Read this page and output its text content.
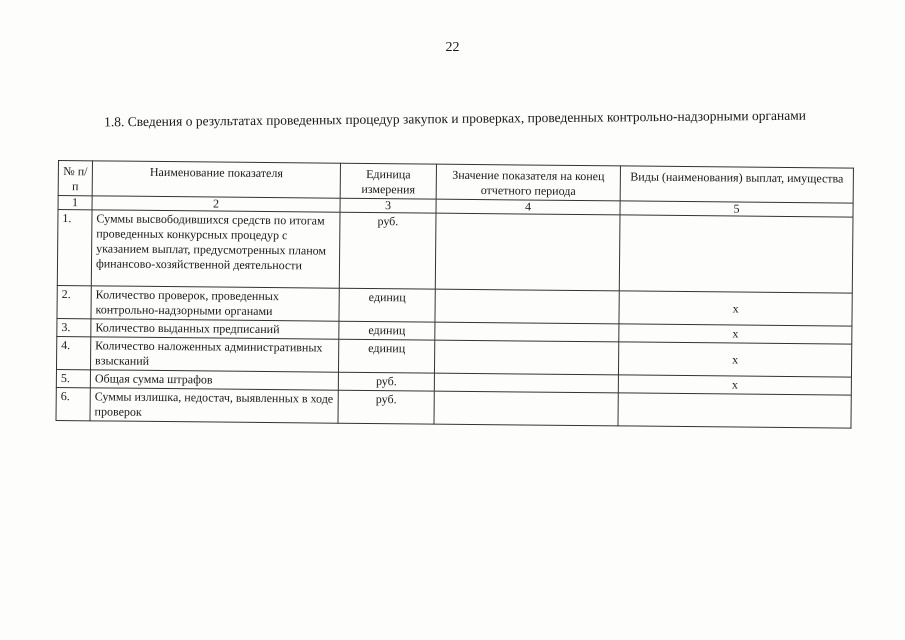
22
1.8. Сведения о результатах проведенных процедур закупок и проверках, проведенных контрольно-надзорными органами
№ п/п	Наименование показателя	Единица измерения	Значение показателя на конец отчетного периода	Виды (наименования) выплат, имущества
1	2	3	4	5
1.	Суммы высвободившихся средств по итогам проведенных конкурсных процедур с указанием выплат, предусмотренных планом финансово-хозяйственной деятельности	руб.		
2.	Количество проверок, проведенных контрольно-надзорными органами	единиц		x
3.	Количество выданных предписаний	единиц		x
4.	Количество наложенных административных взысканий	единиц		x
5.	Общая сумма штрафов	руб.		x
6.	Суммы излишка, недостач, выявленных в ходе проверок	руб.		
